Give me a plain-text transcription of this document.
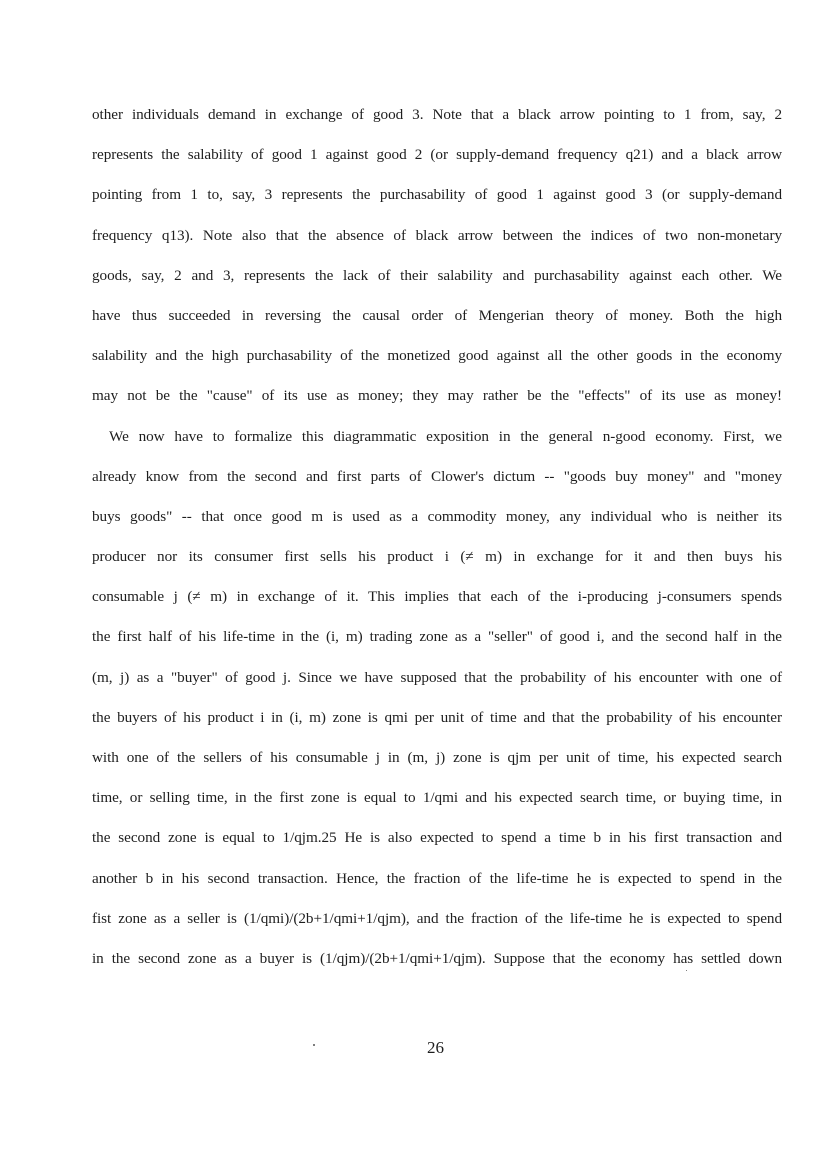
other individuals demand in exchange of good 3. Note that a black arrow pointing to 1 from, say, 2
represents the salability of good 1 against good 2 (or supply-demand frequency q21) and a black arrow
pointing from 1 to, say, 3 represents the purchasability of good 1 against good 3 (or supply-demand
frequency q13). Note also that the absence of black arrow between the indices of two non-monetary
goods, say, 2 and 3, represents the lack of their salability and purchasability against each other. We
have thus succeeded in reversing the causal order of Mengerian theory of money. Both the high
salability and the high purchasability of the monetized good against all the other goods in the economy
may not be the "cause" of its use as money; they may rather be the "effects" of its use as money!
We now have to formalize this diagrammatic exposition in the general n-good economy. First, we
already know from the second and first parts of Clower's dictum -- "goods buy money" and "money
buys goods" -- that once good m is used as a commodity money, any individual who is neither its
producer nor its consumer first sells his product i (≠ m) in exchange for it and then buys his
consumable j (≠ m) in exchange of it. This implies that each of the i-producing j-consumers spends
the first half of his life-time in the (i, m) trading zone as a "seller" of good i, and the second half in the
(m, j) as a "buyer" of good j. Since we have supposed that the probability of his encounter with one of
the buyers of his product i in (i, m) zone is qmi per unit of time and that the probability of his encounter
with one of the sellers of his consumable j in (m, j) zone is qjm per unit of time, his expected search
time, or selling time, in the first zone is equal to 1/qmi and his expected search time, or buying time, in
the second zone is equal to 1/qjm.25 He is also expected to spend a time b in his first transaction and
another b in his second transaction. Hence, the fraction of the life-time he is expected to spend in the
fist zone as a seller is (1/qmi)/(2b+1/qmi+1/qjm), and the fraction of the life-time he is expected to spend
in the second zone as a buyer is (1/qjm)/(2b+1/qmi+1/qjm). Suppose that the economy has settled down
26
